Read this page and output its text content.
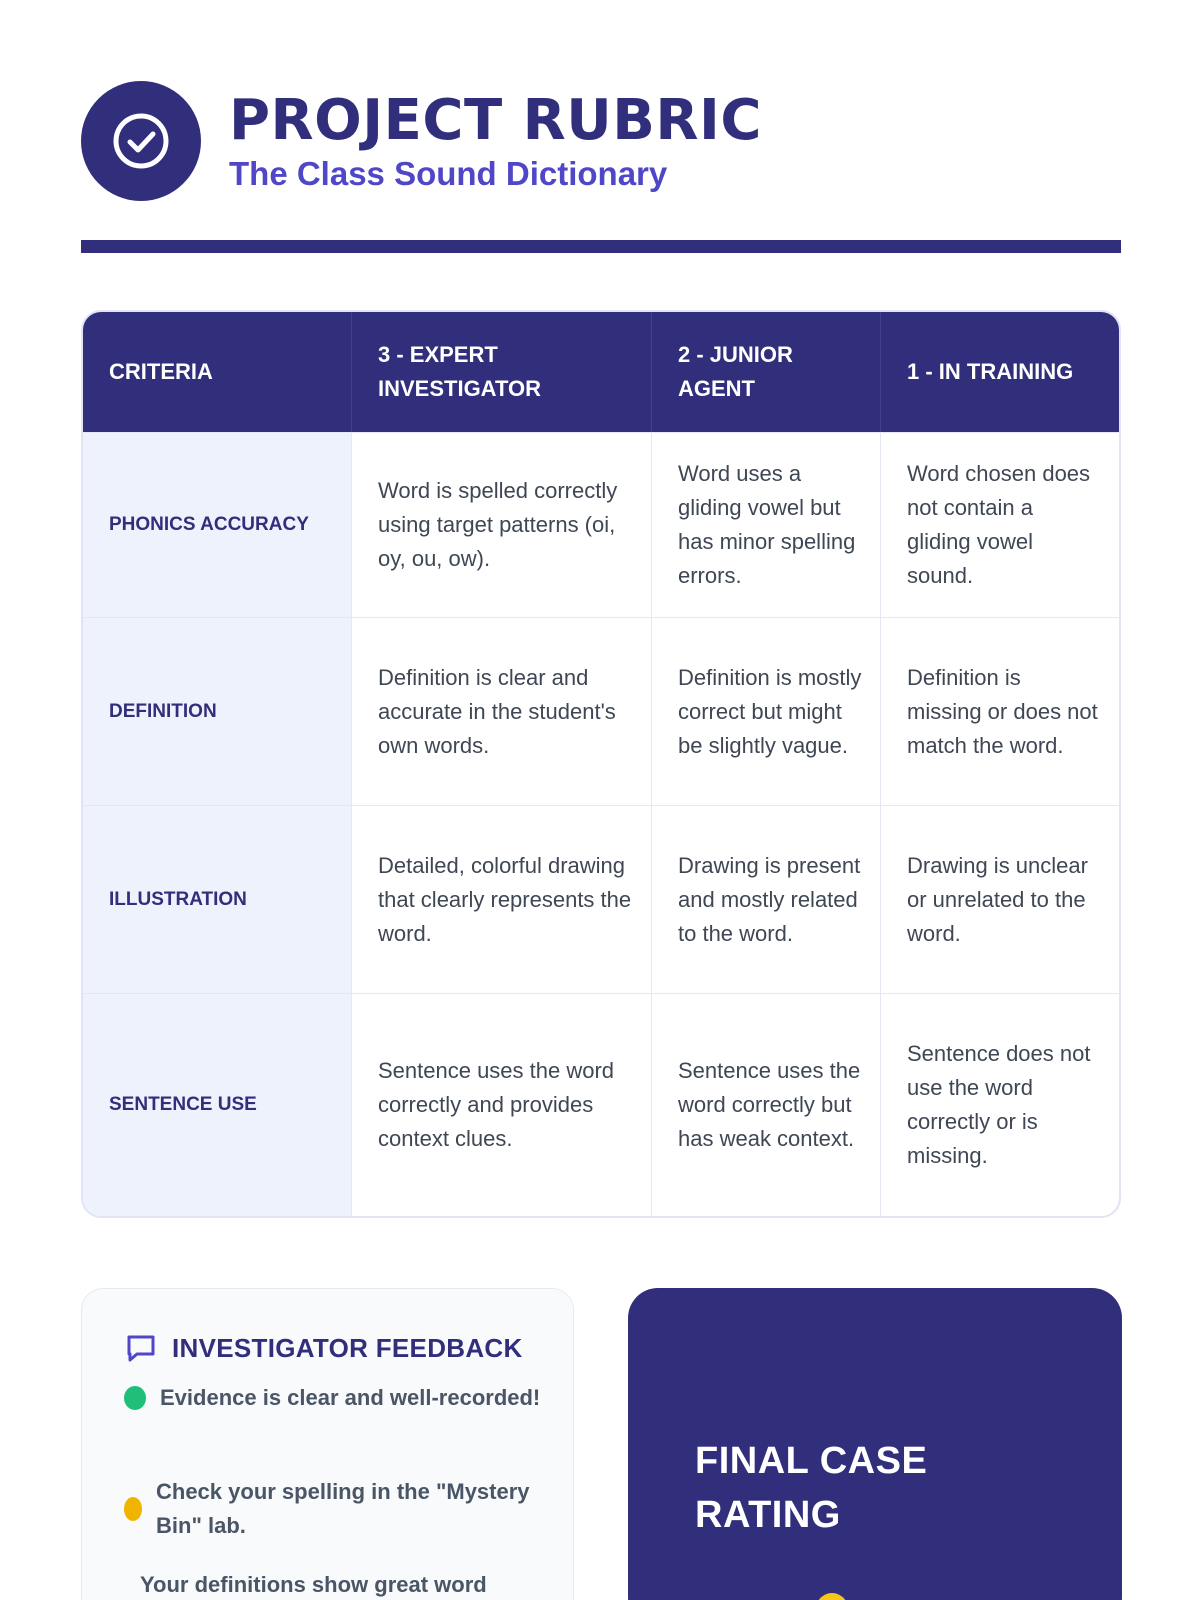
PROJECT RUBRIC
The Class Sound Dictionary
CRITERIA
3 - EXPERT INVESTIGATOR
2 - JUNIOR AGENT
1 - IN TRAINING
PHONICS ACCURACY
Word is spelled correctly using target patterns (oi, oy, ou, ow).
Word uses a gliding vowel but has minor spelling errors.
Word chosen does not contain a gliding vowel sound.
DEFINITION
Definition is clear and accurate in the student's own words.
Definition is mostly correct but might be slightly vague.
Definition is missing or does not match the word.
ILLUSTRATION
Detailed, colorful drawing that clearly represents the word.
Drawing is present and mostly related to the word.
Drawing is unclear or unrelated to the word.
SENTENCE USE
Sentence uses the word correctly and provides context clues.
Sentence uses the word correctly but has weak context.
Sentence does not use the word correctly or is missing.
INVESTIGATOR FEEDBACK
Evidence is clear and well-recorded!
Check your spelling in the "Mystery Bin" lab.
Your definitions show great word
FINAL CASE RATING
